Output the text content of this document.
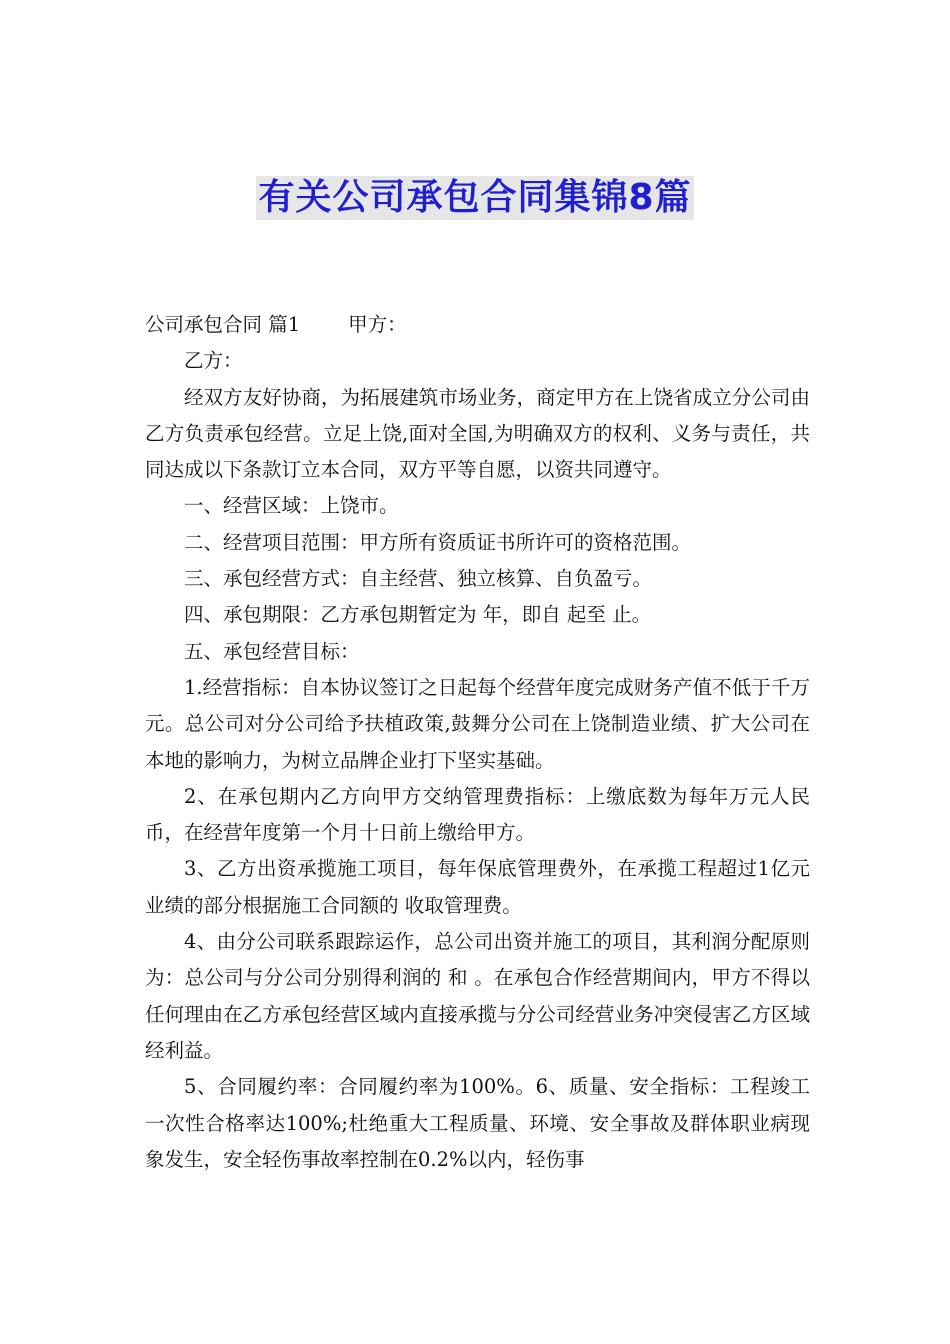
有关公司承包合同集锦8篇

公司承包合同 篇1 甲方：

乙方：

经双方友好协商，为拓展建筑市场业务，商定甲方在上饶省成立分公司由乙方负责承包经营。立足上饶,面对全国,为明确双方的权利、义务与责任，共同达成以下条款订立本合同，双方平等自愿，以资共同遵守。

一、经营区域：上饶市。

二、经营项目范围：甲方所有资质证书所许可的资格范围。

三、承包经营方式：自主经营、独立核算、自负盈亏。

四、承包期限：乙方承包期暂定为 年，即自 起至 止。

五、承包经营目标：

1.经营指标：自本协议签订之日起每个经营年度完成财务产值不低于千万元。总公司对分公司给予扶植政策,鼓舞分公司在上饶制造业绩、扩大公司在本地的影响力，为树立品牌企业打下坚实基础。

2、在承包期内乙方向甲方交纳管理费指标：上缴底数为每年万元人民币，在经营年度第一个月十日前上缴给甲方。

3、乙方出资承揽施工项目，每年保底管理费外，在承揽工程超过1亿元业绩的部分根据施工合同额的 收取管理费。

4、由分公司联系跟踪运作，总公司出资并施工的项目，其利润分配原则为：总公司与分公司分别得利润的 和 。在承包合作经营期间内，甲方不得以任何理由在乙方承包经营区域内直接承揽与分公司经营业务冲突侵害乙方区域经利益。

5、合同履约率：合同履约率为100%。6、质量、安全指标：工程竣工一次性合格率达100%;杜绝重大工程质量、环境、安全事故及群体职业病现象发生，安全轻伤事故率控制在0.2%以内，轻伤事
